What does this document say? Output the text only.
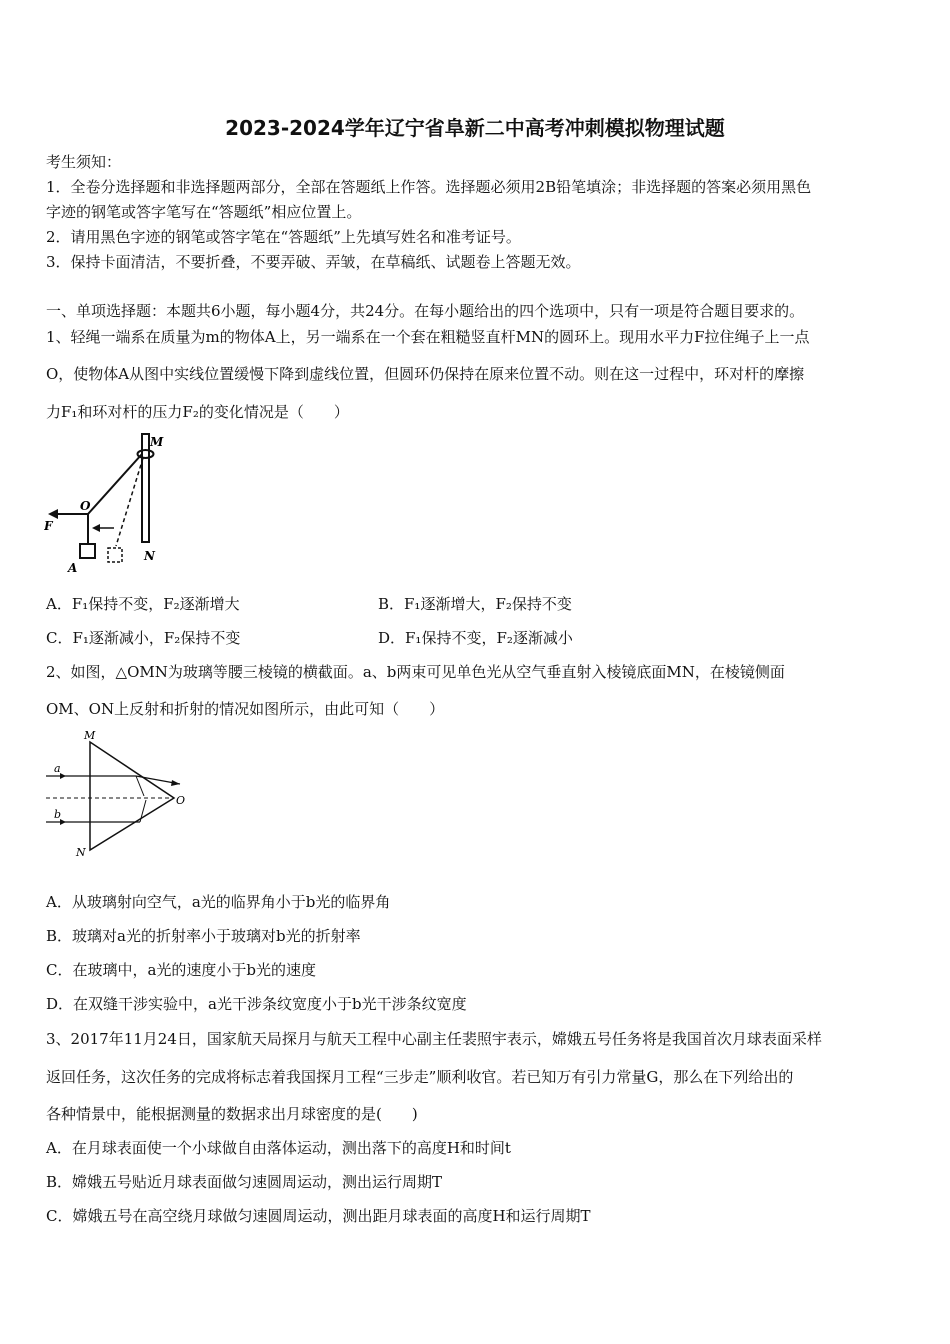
2023-2024学年辽宁省阜新二中高考冲刺模拟物理试题
考生须知：
1．全卷分选择题和非选择题两部分，全部在答题纸上作答。选择题必须用2B铅笔填涂；非选择题的答案必须用黑色
字迹的钢笔或答字笔写在“答题纸”相应位置上。
2．请用黑色字迹的钢笔或答字笔在“答题纸”上先填写姓名和准考证号。
3．保持卡面清洁，不要折叠，不要弄破、弄皱，在草稿纸、试题卷上答题无效。
一、单项选择题：本题共6小题，每小题4分，共24分。在每小题给出的四个选项中，只有一项是符合题目要求的。
1、轻绳一端系在质量为m的物体A上，另一端系在一个套在粗糙竖直杆MN的圆环上。现用水平力F拉住绳子上一点
O，使物体A从图中实线位置缓慢下降到虚线位置，但圆环仍保持在原来位置不动。则在这一过程中，环对杆的摩擦
力F₁和环对杆的压力F₂的变化情况是（　　）
M
O
F
A
N
A．F₁保持不变，F₂逐渐增大	B．F₁逐渐增大，F₂保持不变
C．F₁逐渐减小，F₂保持不变	D．F₁保持不变，F₂逐渐减小
2、如图，△OMN为玻璃等腰三棱镜的横截面。a、b两束可见单色光从空气垂直射入棱镜底面MN，在棱镜侧面
OM、ON上反射和折射的情况如图所示，由此可知（　　）
M
a
b
O
N
A．从玻璃射向空气，a光的临界角小于b光的临界角
B．玻璃对a光的折射率小于玻璃对b光的折射率
C．在玻璃中，a光的速度小于b光的速度
D．在双缝干涉实验中，a光干涉条纹宽度小于b光干涉条纹宽度
3、2017年11月24日，国家航天局探月与航天工程中心副主任裴照宇表示，嫦娥五号任务将是我国首次月球表面采样
返回任务，这次任务的完成将标志着我国探月工程“三步走”顺利收官。若已知万有引力常量G，那么在下列给出的
各种情景中，能根据测量的数据求出月球密度的是(　　)
A．在月球表面使一个小球做自由落体运动，测出落下的高度H和时间t
B．嫦娥五号贴近月球表面做匀速圆周运动，测出运行周期T
C．嫦娥五号在高空绕月球做匀速圆周运动，测出距月球表面的高度H和运行周期T
